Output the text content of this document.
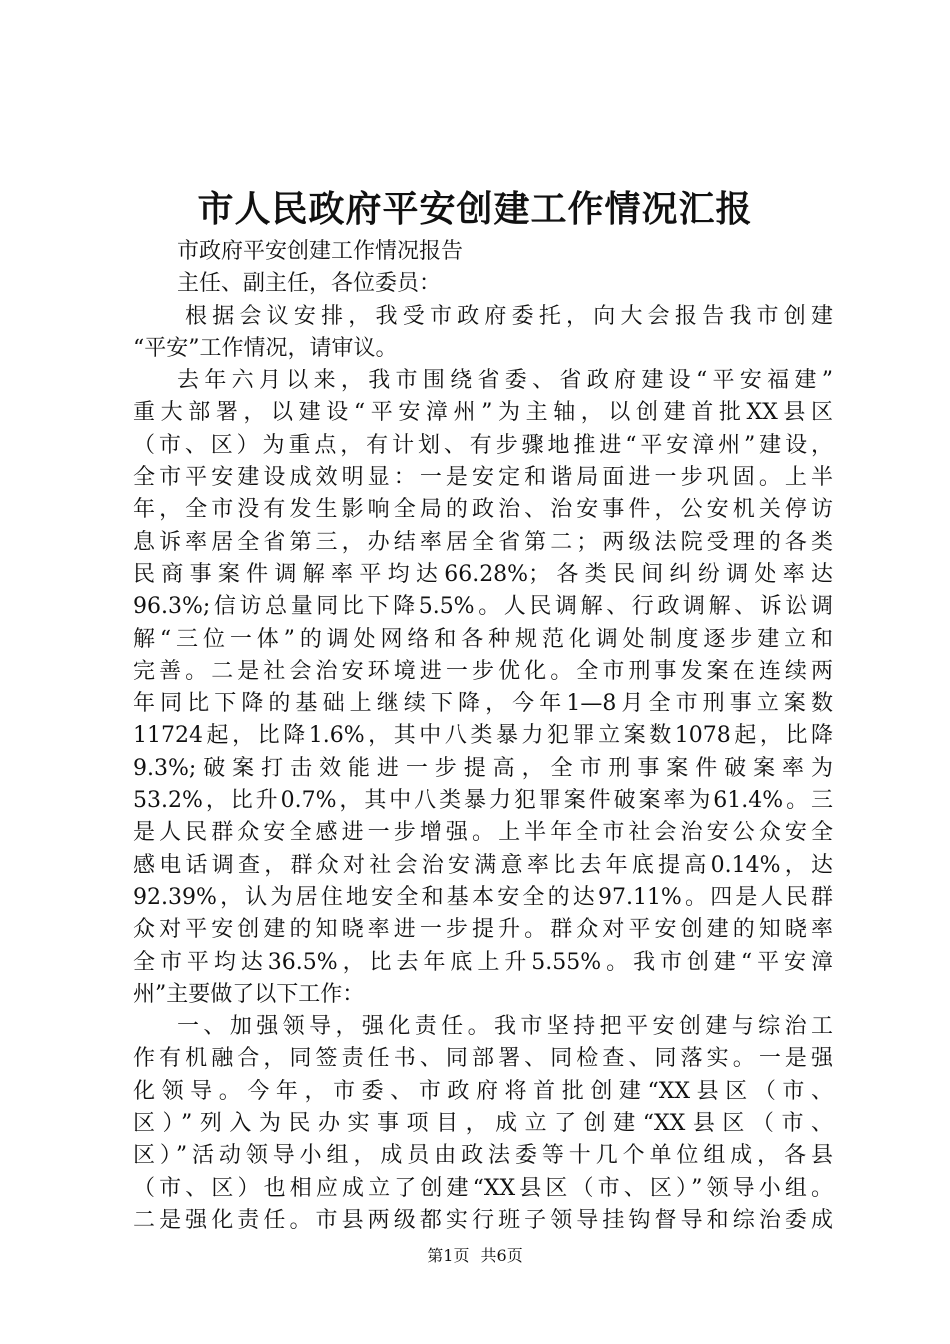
市人民政府平安创建工作情况汇报
市政府平安创建工作情况报告
主任、副主任，各位委员：
根据会议安排，我受市政府委托，向大会报告我市创建
“平安”工作情况，请审议。
去年六月以来，我市围绕省委、省政府建设“平安福建”
重大部署，以建设“平安漳州”为主轴，以创建首批XX县区
（市、区）为重点，有计划、有步骤地推进“平安漳州”建设，
全市平安建设成效明显：一是安定和谐局面进一步巩固。上半
年，全市没有发生影响全局的政治、治安事件，公安机关停访
息诉率居全省第三，办结率居全省第二；两级法院受理的各类
民商事案件调解率平均达66.28%；各类民间纠纷调处率达
96.3%;信访总量同比下降5.5%。人民调解、行政调解、诉讼调
解“三位一体”的调处网络和各种规范化调处制度逐步建立和
完善。二是社会治安环境进一步优化。全市刑事发案在连续两
年同比下降的基础上继续下降，今年1—8月全市刑事立案数
11724起，比降1.6%，其中八类暴力犯罪立案数1078起，比降
9.3%;破案打击效能进一步提高，全市刑事案件破案率为
53.2%，比升0.7%，其中八类暴力犯罪案件破案率为61.4%。三
是人民群众安全感进一步增强。上半年全市社会治安公众安全
感电话调查，群众对社会治安满意率比去年底提高0.14%，达
92.39%，认为居住地安全和基本安全的达97.11%。四是人民群
众对平安创建的知晓率进一步提升。群众对平安创建的知晓率
全市平均达36.5%，比去年底上升5.55%。我市创建“平安漳
州”主要做了以下工作：
一、加强领导，强化责任。我市坚持把平安创建与综治工
作有机融合，同签责任书、同部署、同检查、同落实。一是强
化领导。今年，市委、市政府将首批创建“XX县区（市、
区）”列入为民办实事项目，成立了创建“XX县区（市、
区）”活动领导小组，成员由政法委等十几个单位组成，各县
（市、区）也相应成立了创建“XX县区（市、区）”领导小组。
二是强化责任。市县两级都实行班子领导挂钩督导和综治委成
第1页 共6页
